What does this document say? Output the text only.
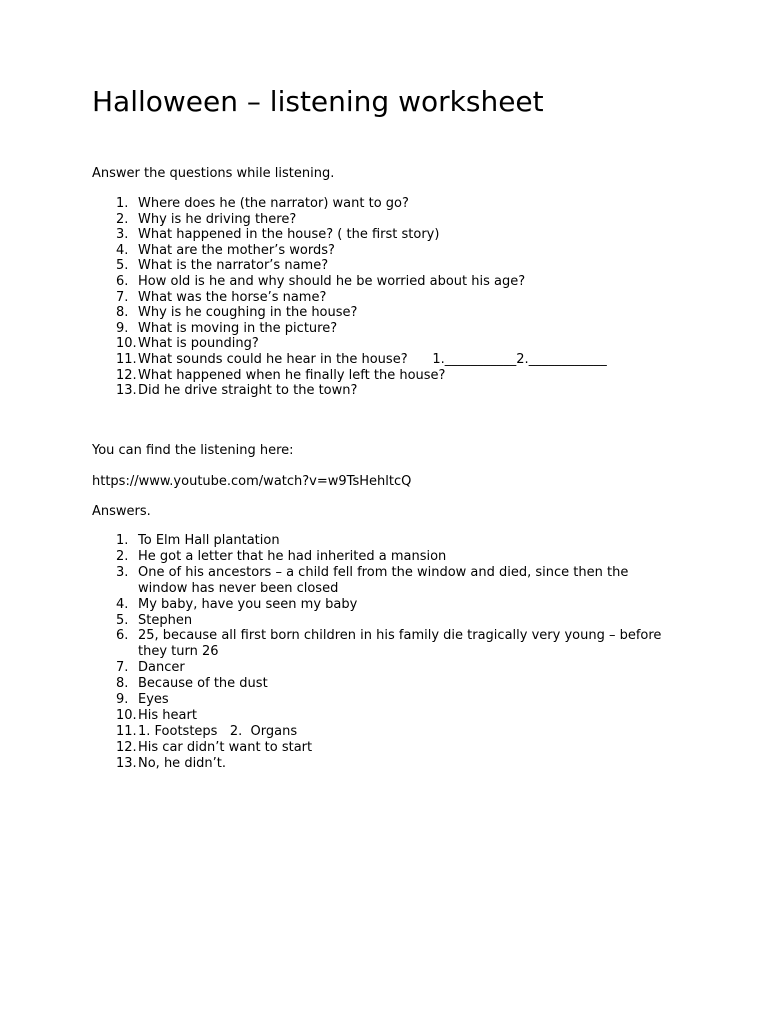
Halloween – listening worksheet

Answer the questions while listening.

1. Where does he (the narrator) want to go?
2. Why is he driving there?
3. What happened in the house? ( the first story)
4. What are the mother’s words?
5. What is the narrator’s name?
6. How old is he and why should he be worried about his age?
7. What was the horse’s name?
8. Why is he coughing in the house?
9. What is moving in the picture?
10. What is pounding?
11. What sounds could he hear in the house?      1.___________2.____________
12. What happened when he finally left the house?
13. Did he drive straight to the town?

You can find the listening here:

https://www.youtube.com/watch?v=w9TsHehltcQ

Answers.

1. To Elm Hall plantation
2. He got a letter that he had inherited a mansion
3. One of his ancestors – a child fell from the window and died, since then the window has never been closed
4. My baby, have you seen my baby
5. Stephen
6. 25, because all first born children in his family die tragically very young – before they turn 26
7. Dancer
8. Because of the dust
9. Eyes
10. His heart
11. 1. Footsteps   2.  Organs
12. His car didn’t want to start
13. No, he didn’t.
